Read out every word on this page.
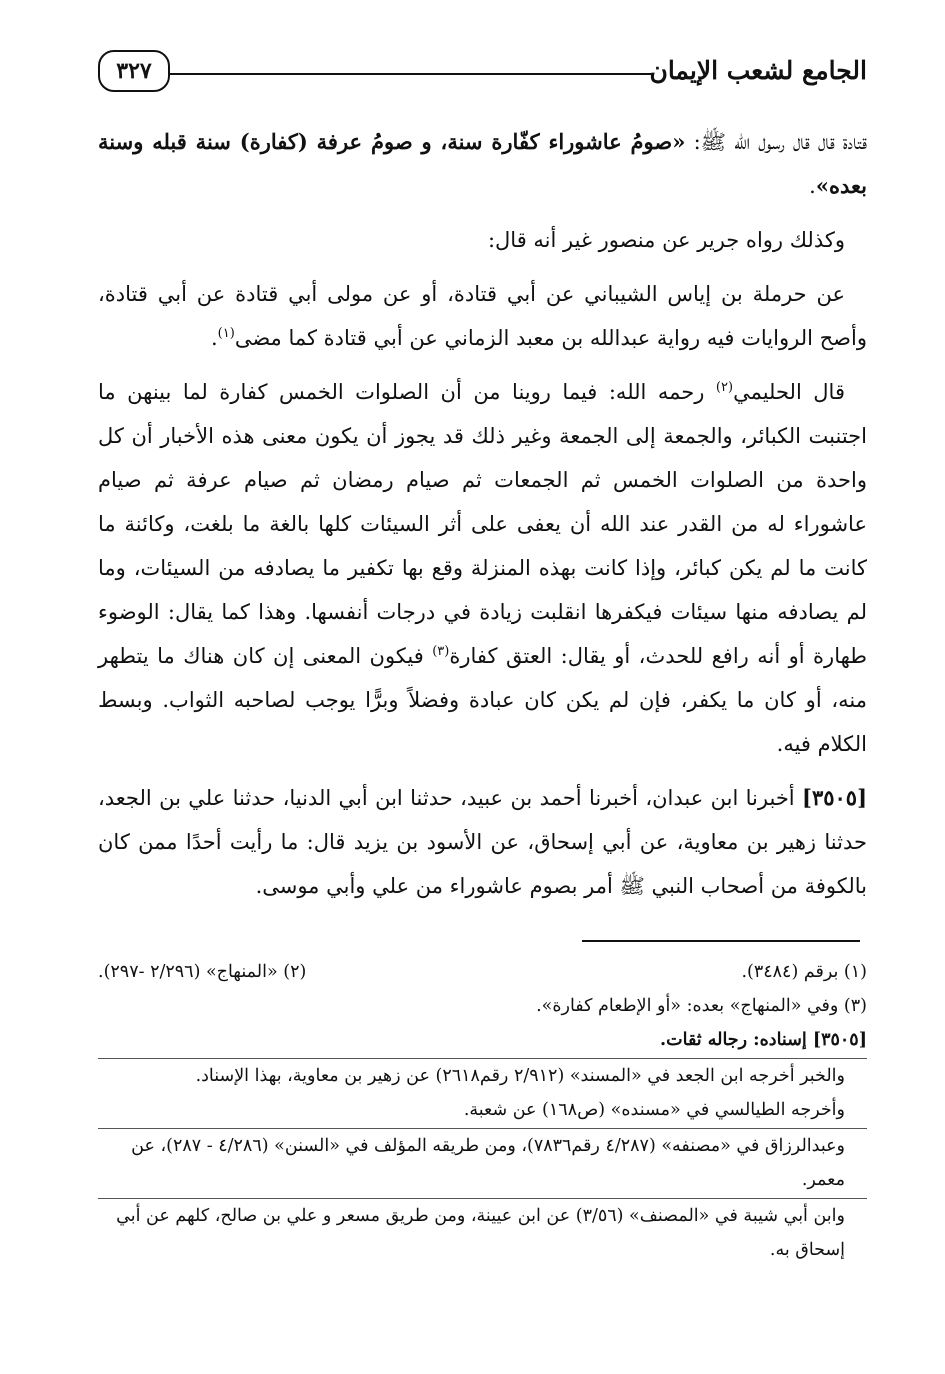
الجامع لشعب الإيمان
٣٢٧

قتادة قال قال رسول الله ﷺ: «صومُ عاشوراء كفّارة سنة، و صومُ عرفة (كفارة) سنة قبله وسنة بعده».

وكذلك رواه جرير عن منصور غير أنه قال:

عن حرملة بن إياس الشيباني عن أبي قتادة، أو عن مولى أبي قتادة عن أبي قتادة، وأصح الروايات فيه رواية عبدالله بن معبد الزماني عن أبي قتادة كما مضى$^{(١)}$.

قال الحليمي$^{(٢)}$ رحمه الله: فيما روينا من أن الصلوات الخمس كفارة لما بينهن ما اجتنبت الكبائر، والجمعة إلى الجمعة وغير ذلك قد يجوز أن يكون معنى هذه الأخبار أن كل واحدة من الصلوات الخمس ثم الجمعات ثم صيام رمضان ثم صيام عرفة ثم صيام عاشوراء له من القدر عند الله أن يعفى على أثر السيئات كلها بالغة ما بلغت، وكائنة ما كانت ما لم يكن كبائر، وإذا كانت بهذه المنزلة وقع بها تكفير ما يصادفه من السيئات، وما لم يصادفه منها سيئات فيكفرها انقلبت زيادة في درجات أنفسها. وهذا كما يقال: الوضوء طهارة أو أنه رافع للحدث، أو يقال: العتق كفارة$^{(٣)}$ فيكون المعنى إن كان هناك ما يتطهر منه، أو كان ما يكفر، فإن لم يكن كان عبادة وفضلاً وبرًّا يوجب لصاحبه الثواب. وبسط الكلام فيه.

[٣٥٠٥] أخبرنا ابن عبدان، أخبرنا أحمد بن عبيد، حدثنا ابن أبي الدنيا، حدثنا علي بن الجعد، حدثنا زهير بن معاوية، عن أبي إسحاق، عن الأسود بن يزيد قال: ما رأيت أحدًا ممن كان بالكوفة من أصحاب النبي ﷺ أمر بصوم عاشوراء من علي وأبي موسى.

(١) برقم (٣٤٨٤).
(٢) «المنهاج» (٢/٢٩٦ -٢٩٧).

(٣) وفي «المنهاج» بعده: «أو الإطعام كفارة».

[٣٥٠٥] إسناده: رجاله ثقات.

والخبر أخرجه ابن الجعد في «المسند» (٢/٩١٢ رقم٢٦١٨) عن زهير بن معاوية، بهذا الإسناد.

وأخرجه الطيالسي في «مسنده» (ص١٦٨) عن شعبة.

وعبدالرزاق في «مصنفه» (٤/٢٨٧ رقم٧٨٣٦)، ومن طريقه المؤلف في «السنن» (٤/٢٨٦ - ٢٨٧)، عن معمر.

وابن أبي شيبة في «المصنف» (٣/٥٦) عن ابن عيينة، ومن طريق مسعر و علي بن صالح، كلهم عن أبي إسحاق به.
